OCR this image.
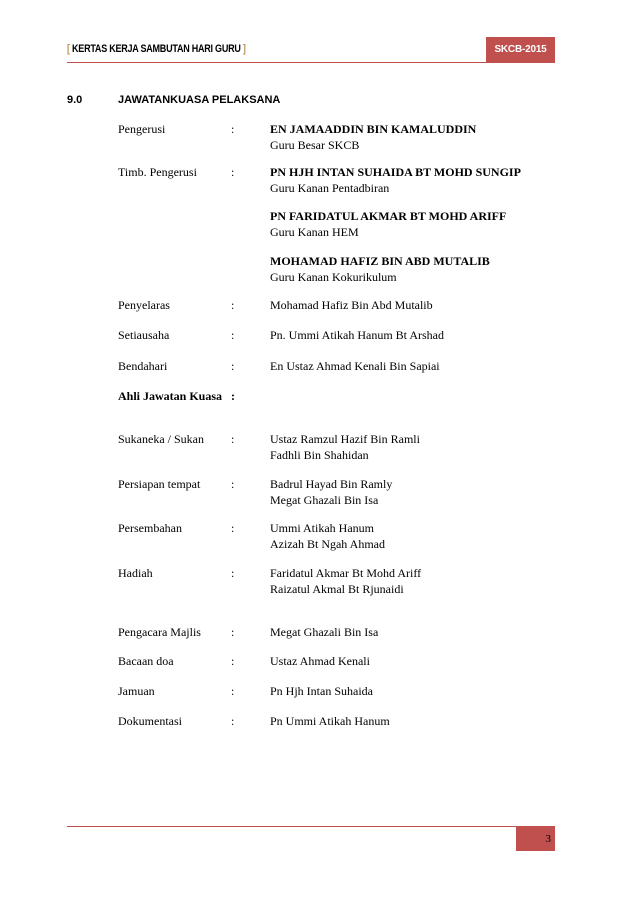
[ KERTAS KERJA SAMBUTAN HARI GURU ]	SKCB-2015
9.0	JAWATANKUASA PELAKSANA
Pengerusi	:	EN JAMAADDIN BIN KAMALUDDIN
Guru Besar SKCB
Timb. Pengerusi	:	PN HJH INTAN SUHAIDA BT MOHD SUNGIP
Guru Kanan Pentadbiran
PN FARIDATUL AKMAR BT MOHD ARIFF
Guru Kanan HEM
MOHAMAD HAFIZ BIN ABD MUTALIB
Guru Kanan Kokurikulum
Penyelaras	:	Mohamad Hafiz Bin Abd Mutalib
Setiausaha	:	Pn. Ummi Atikah Hanum Bt Arshad
Bendahari	:	En Ustaz Ahmad Kenali Bin Sapiai
Ahli Jawatan Kuasa :
Sukaneka / Sukan :	Ustaz Ramzul Hazif Bin Ramli
Fadhli Bin Shahidan
Persiapan tempat	:	Badrul Hayad Bin Ramly
Megat Ghazali Bin Isa
Persembahan	:	Ummi Atikah Hanum
Azizah Bt Ngah Ahmad
Hadiah	:	Faridatul Akmar Bt Mohd Ariff
Raizatul Akmal Bt Rjunaidi
Pengacara Majlis	:	Megat Ghazali Bin Isa
Bacaan doa	:	Ustaz Ahmad Kenali
Jamuan	:	Pn Hjh Intan Suhaida
Dokumentasi	:	Pn Ummi Atikah Hanum
3
